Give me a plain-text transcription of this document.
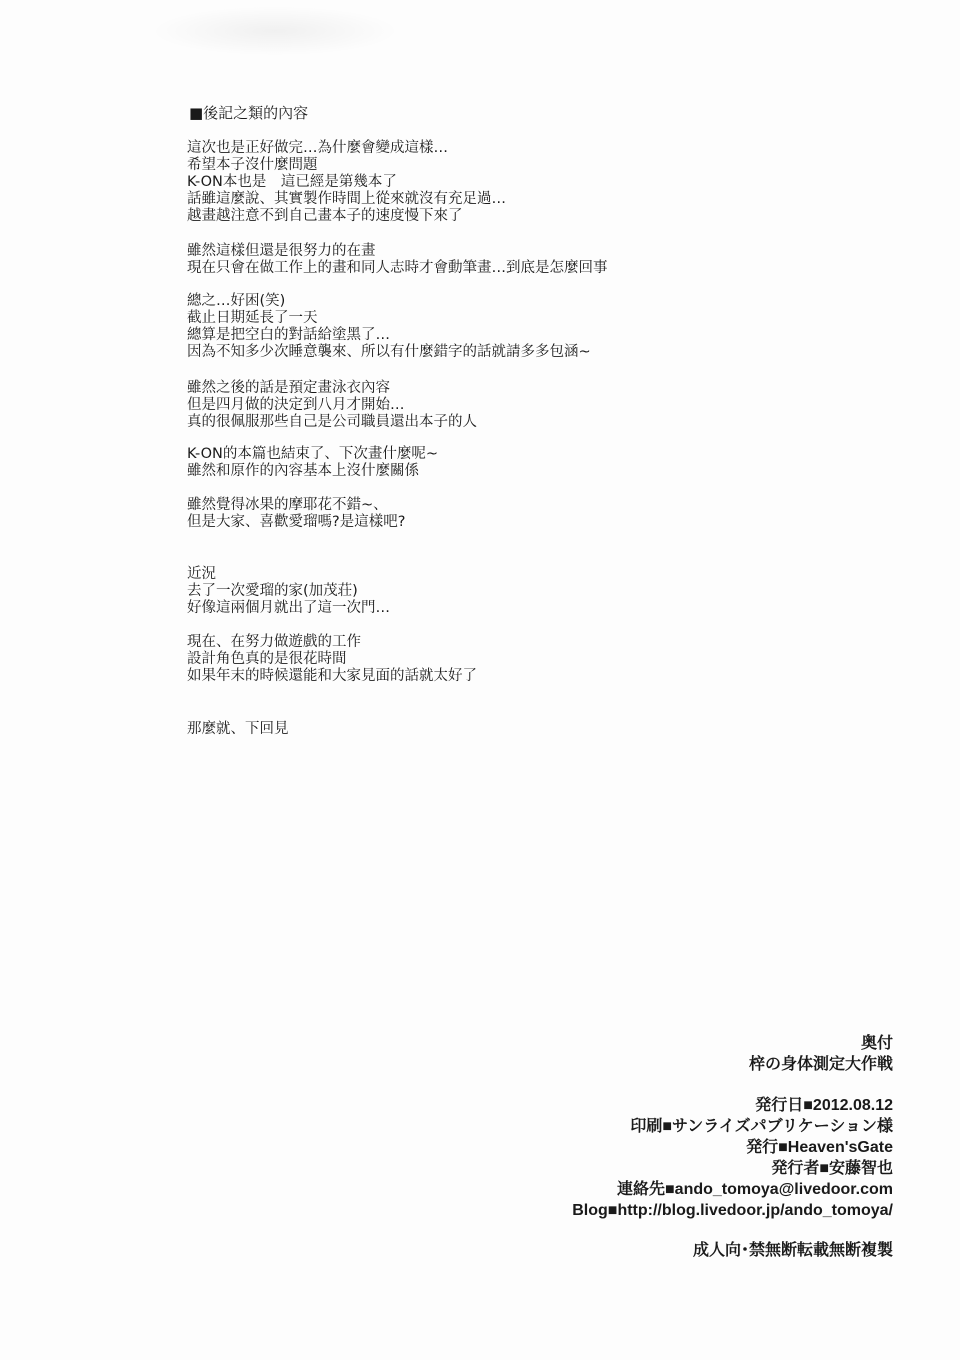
■後記之類的內容
這次也是正好做完…為什麼會變成這樣…
希望本子沒什麼問題
K-ON本也是　這已經是第幾本了
話雖這麼說、其實製作時間上從來就沒有充足過…
越畫越注意不到自己畫本子的速度慢下來了
雖然這樣但還是很努力的在畫
現在只會在做工作上的畫和同人志時才會動筆畫…到底是怎麼回事
總之…好困(笑)
截止日期延長了一天
總算是把空白的對話給塗黑了…
因為不知多少次睡意襲來、所以有什麼錯字的話就請多多包涵~
雖然之後的話是預定畫泳衣內容
但是四月做的決定到八月才開始…
真的很佩服那些自己是公司職員還出本子的人
K-ON的本篇也結束了、下次畫什麼呢~
雖然和原作的內容基本上沒什麼關係
雖然覺得冰果的摩耶花不錯~、
但是大家、喜歡愛瑠嗎?是這樣吧?
近況
去了一次愛瑠的家(加茂荘)
好像這兩個月就出了這一次門…
現在、在努力做遊戲的工作
設計角色真的是很花時間
如果年末的時候還能和大家見面的話就太好了
那麼就、下回見
奥付
梓の身体測定大作戦
発行日■2012.08.12
印刷■サンライズパブリケーション様
発行■Heaven'sGate
発行者■安藤智也
連絡先■ando_tomoya@livedoor.com
Blog■http://blog.livedoor.jp/ando_tomoya/
成人向･禁無断転載無断複製
